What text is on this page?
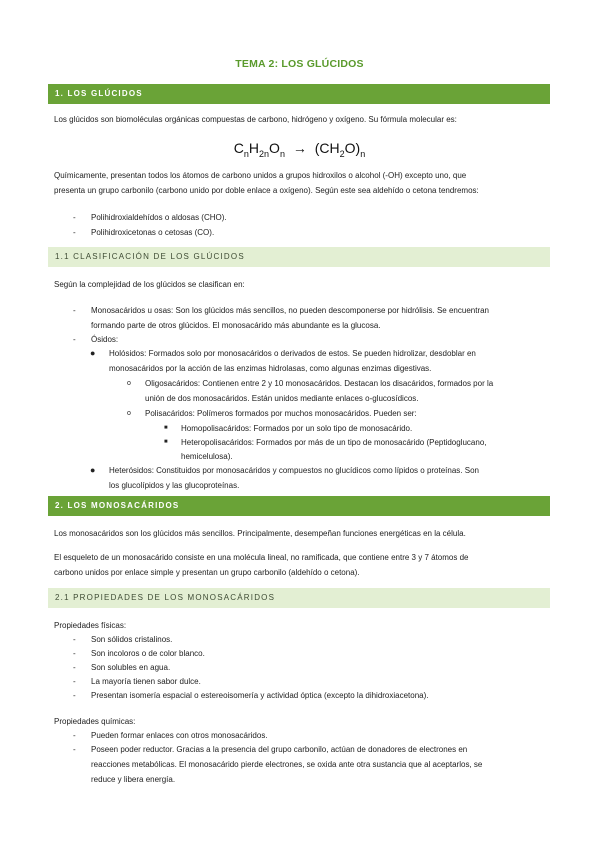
TEMA 2: LOS GLÚCIDOS
1. LOS GLÚCIDOS
Los glúcidos son biomoléculas orgánicas compuestas de carbono, hidrógeno y oxígeno. Su fórmula molecular es:
$C_nH_{2n}O_n \to (CH_2O)_n$
Químicamente, presentan todos los átomos de carbono unidos a grupos hidroxilos o alcohol (-OH) excepto uno, que
presenta un grupo carbonilo (carbono unido por doble enlace a oxígeno). Según este sea aldehído o cetona tendremos:
- Polihidroxialdehídos o aldosas (CHO).
- Polihidroxicetonas o cetosas (CO).
1.1 CLASIFICACIÓN DE LOS GLÚCIDOS
Según la complejidad de los glúcidos se clasifican en:
- Monosacáridos u osas: Son los glúcidos más sencillos, no pueden descomponerse por hidrólisis. Se encuentran
formando parte de otros glúcidos. El monosacárido más abundante es la glucosa.
- Ósidos:
● Holósidos: Formados solo por monosacáridos o derivados de estos. Se pueden hidrolizar, desdoblar en
monosacáridos por la acción de las enzimas hidrolasas, como algunas enzimas digestivas.
o Oligosacáridos: Contienen entre 2 y 10 monosacáridos. Destacan los disacáridos, formados por la
unión de dos monosacáridos. Están unidos mediante enlaces o-glucosídicos.
o Polisacáridos: Polímeros formados por muchos monosacáridos. Pueden ser:
■ Homopolisacáridos: Formados por un solo tipo de monosacárido.
■ Heteropolisacáridos: Formados por más de un tipo de monosacárido (Peptidoglucano,
hemicelulosa).
● Heterósidos: Constituidos por monosacáridos y compuestos no glucídicos como lípidos o proteínas. Son
los glucolípidos y las glucoproteínas.
2. LOS MONOSACÁRIDOS
Los monosacáridos son los glúcidos más sencillos. Principalmente, desempeñan funciones energéticas en la célula.
El esqueleto de un monosacárido consiste en una molécula lineal, no ramificada, que contiene entre 3 y 7 átomos de
carbono unidos por enlace simple y presentan un grupo carbonilo (aldehído o cetona).
2.1 PROPIEDADES DE LOS MONOSACÁRIDOS
Propiedades físicas:
- Son sólidos cristalinos.
- Son incoloros o de color blanco.
- Son solubles en agua.
- La mayoría tienen sabor dulce.
- Presentan isomería espacial o estereoisomería y actividad óptica (excepto la dihidroxiacetona).
Propiedades químicas:
- Pueden formar enlaces con otros monosacáridos.
- Poseen poder reductor. Gracias a la presencia del grupo carbonilo, actúan de donadores de electrones en
reacciones metabólicas. El monosacárido pierde electrones, se oxida ante otra sustancia que al aceptarlos, se
reduce y libera energía.
